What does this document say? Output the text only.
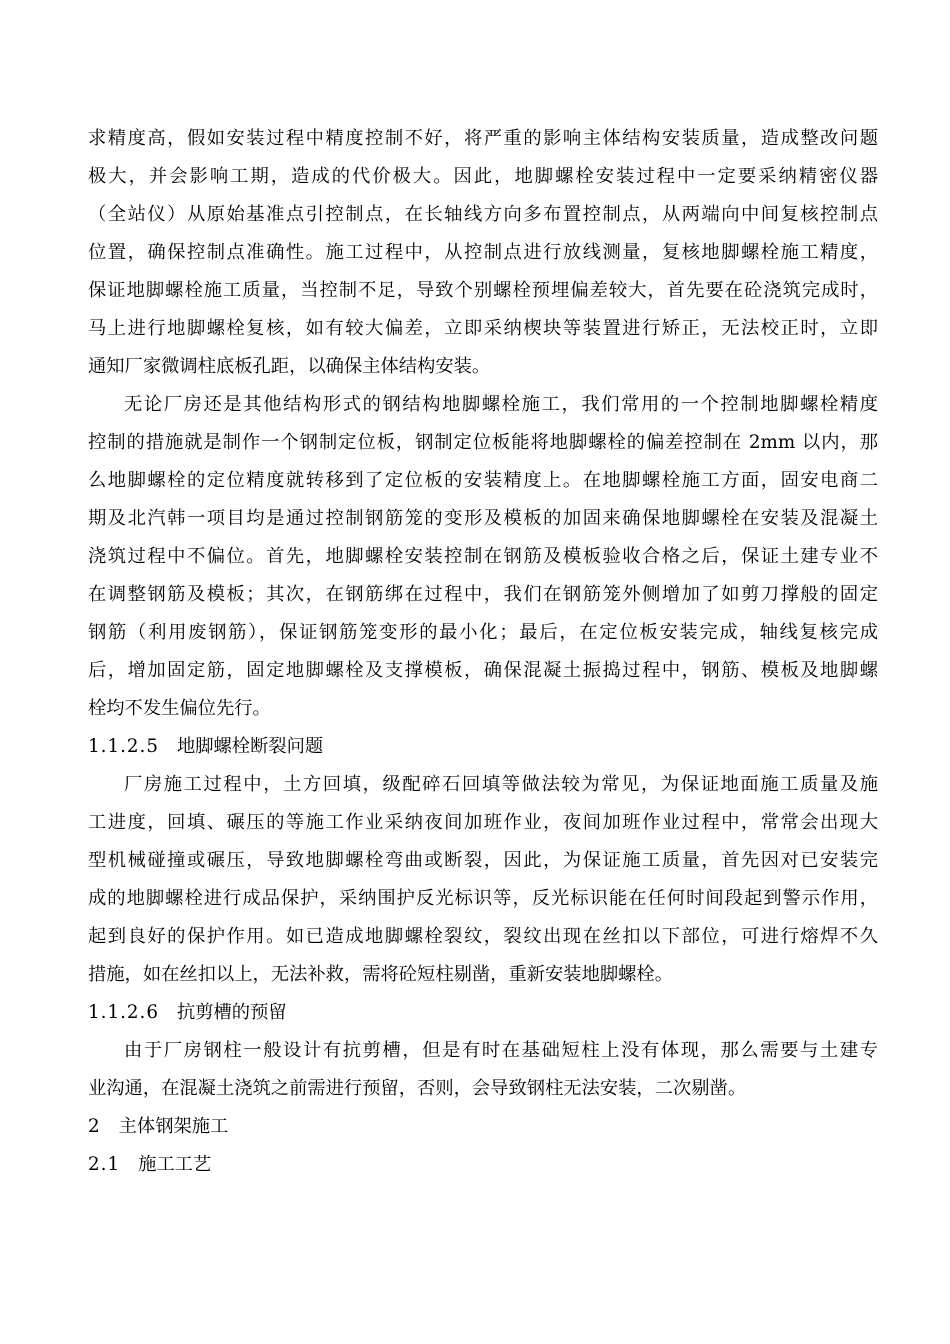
求精度高，假如安装过程中精度控制不好，将严重的影响主体结构安装质量，造成整改问题
极大，并会影响工期，造成的代价极大。因此，地脚螺栓安装过程中一定要采纳精密仪器
（全站仪）从原始基准点引控制点，在长轴线方向多布置控制点，从两端向中间复核控制点
位置，确保控制点准确性。施工过程中，从控制点进行放线测量，复核地脚螺栓施工精度，
保证地脚螺栓施工质量，当控制不足，导致个别螺栓预埋偏差较大，首先要在砼浇筑完成时，
马上进行地脚螺栓复核，如有较大偏差，立即采纳楔块等装置进行矫正，无法校正时，立即
通知厂家微调柱底板孔距，以确保主体结构安装。
无论厂房还是其他结构形式的钢结构地脚螺栓施工，我们常用的一个控制地脚螺栓精度
控制的措施就是制作一个钢制定位板，钢制定位板能将地脚螺栓的偏差控制在 2mm 以内，那
么地脚螺栓的定位精度就转移到了定位板的安装精度上。在地脚螺栓施工方面，固安电商二
期及北汽韩一项目均是通过控制钢筋笼的变形及模板的加固来确保地脚螺栓在安装及混凝土
浇筑过程中不偏位。首先，地脚螺栓安装控制在钢筋及模板验收合格之后，保证土建专业不
在调整钢筋及模板；其次，在钢筋绑在过程中，我们在钢筋笼外侧增加了如剪刀撑般的固定
钢筋（利用废钢筋），保证钢筋笼变形的最小化；最后，在定位板安装完成，轴线复核完成
后，增加固定筋，固定地脚螺栓及支撑模板，确保混凝土振捣过程中，钢筋、模板及地脚螺
栓均不发生偏位先行。
1.1.2.5 地脚螺栓断裂问题
厂房施工过程中，土方回填，级配碎石回填等做法较为常见，为保证地面施工质量及施
工进度，回填、碾压的等施工作业采纳夜间加班作业，夜间加班作业过程中，常常会出现大
型机械碰撞或碾压，导致地脚螺栓弯曲或断裂，因此，为保证施工质量，首先因对已安装完
成的地脚螺栓进行成品保护，采纳围护反光标识等，反光标识能在任何时间段起到警示作用，
起到良好的保护作用。如已造成地脚螺栓裂纹，裂纹出现在丝扣以下部位，可进行熔焊不久
措施，如在丝扣以上，无法补救，需将砼短柱剔凿，重新安装地脚螺栓。
1.1.2.6 抗剪槽的预留
由于厂房钢柱一般设计有抗剪槽，但是有时在基础短柱上没有体现，那么需要与土建专
业沟通，在混凝土浇筑之前需进行预留，否则，会导致钢柱无法安装，二次剔凿。
2 主体钢架施工
2.1 施工工艺
